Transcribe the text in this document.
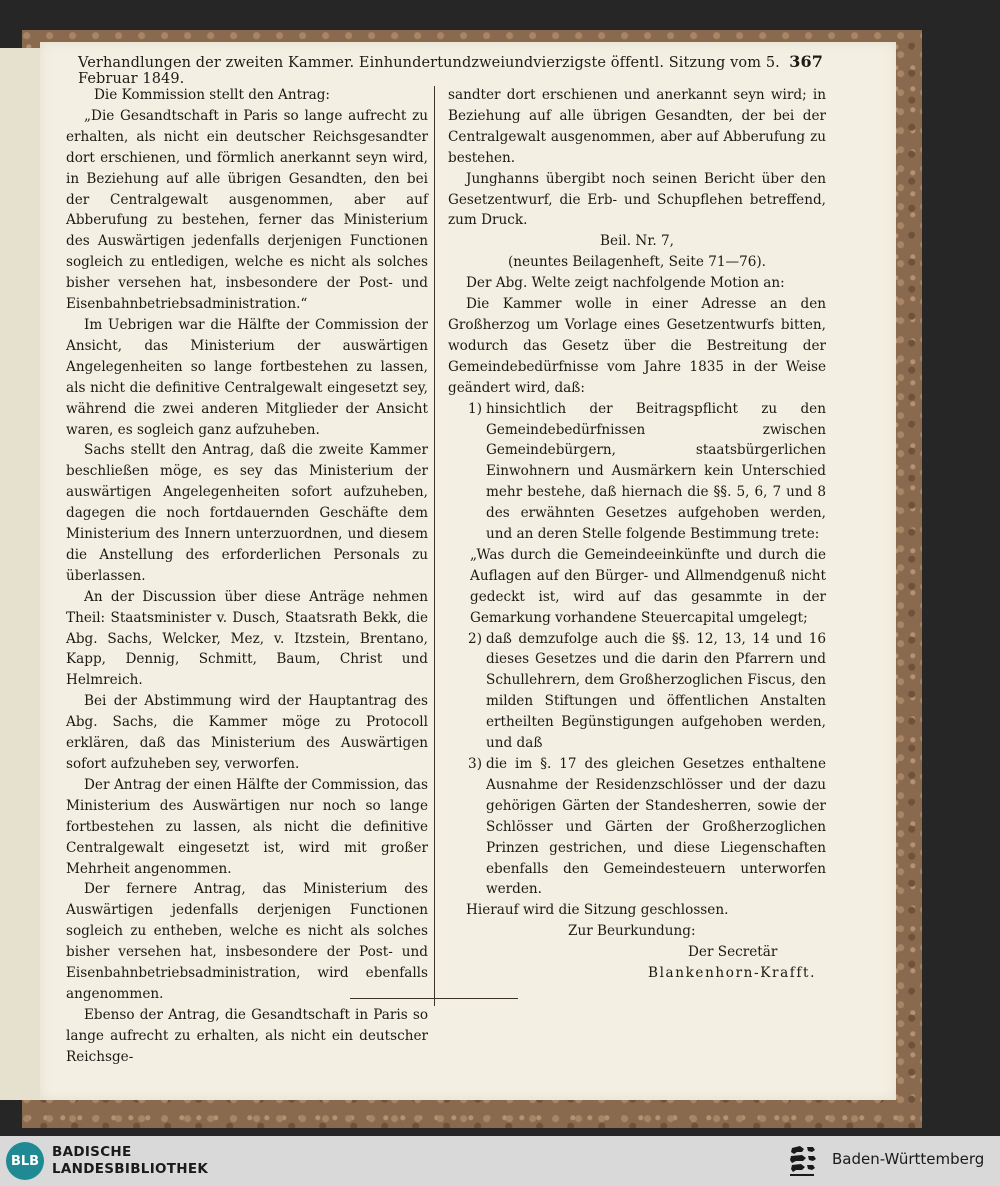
Verhandlungen der zweiten Kammer. Einhundertundzweiundvierzigste öffentl. Sitzung vom 5. Februar 1849.
367

Die Kommission stellt den Antrag:

„Die Gesandtschaft in Paris so lange aufrecht zu erhalten, als nicht ein deutscher Reichsgesandter dort erschienen, und förmlich anerkannt seyn wird, in Beziehung auf alle übrigen Gesandten, den bei der Centralgewalt ausgenommen, aber auf Abberufung zu bestehen, ferner das Ministerium des Auswärtigen jedenfalls derjenigen Functionen sogleich zu entledigen, welche es nicht als solches bisher versehen hat, insbesondere der Post- und Eisenbahnbetriebsadministration.“

Im Uebrigen war die Hälfte der Commission der Ansicht, das Ministerium der auswärtigen Angelegenheiten so lange fortbestehen zu lassen, als nicht die definitive Centralgewalt eingesetzt sey, während die zwei anderen Mitglieder der Ansicht waren, es sogleich ganz aufzuheben.

Sachs stellt den Antrag, daß die zweite Kammer beschließen möge, es sey das Ministerium der auswärtigen Angelegenheiten sofort aufzuheben, dagegen die noch fortdauernden Geschäfte dem Ministerium des Innern unterzuordnen, und diesem die Anstellung des erforderlichen Personals zu überlassen.

An der Discussion über diese Anträge nehmen Theil: Staatsminister v. Dusch, Staatsrath Bekk, die Abg. Sachs, Welcker, Mez, v. Itzstein, Brentano, Kapp, Dennig, Schmitt, Baum, Christ und Helmreich.

Bei der Abstimmung wird der Hauptantrag des Abg. Sachs, die Kammer möge zu Protocoll erklären, daß das Ministerium des Auswärtigen sofort aufzuheben sey, verworfen.

Der Antrag der einen Hälfte der Commission, das Ministerium des Auswärtigen nur noch so lange fortbestehen zu lassen, als nicht die definitive Centralgewalt eingesetzt ist, wird mit großer Mehrheit angenommen.

Der fernere Antrag, das Ministerium des Auswärtigen jedenfalls derjenigen Functionen sogleich zu entheben, welche es nicht als solches bisher versehen hat, insbesondere der Post- und Eisenbahnbetriebsadministration, wird ebenfalls angenommen.

Ebenso der Antrag, die Gesandtschaft in Paris so lange aufrecht zu erhalten, als nicht ein deutscher Reichsge-

sandter dort erschienen und anerkannt seyn wird; in Beziehung auf alle übrigen Gesandten, der bei der Centralgewalt ausgenommen, aber auf Abberufung zu bestehen.

Junghanns übergibt noch seinen Bericht über den Gesetzentwurf, die Erb- und Schupflehen betreffend, zum Druck.

Beil. Nr. 7,

(neuntes Beilagenheft, Seite 71—76).

Der Abg. Welte zeigt nachfolgende Motion an:

Die Kammer wolle in einer Adresse an den Großherzog um Vorlage eines Gesetzentwurfs bitten, wodurch das Gesetz über die Bestreitung der Gemeindebedürfnisse vom Jahre 1835 in der Weise geändert wird, daß:

1) hinsichtlich der Beitragspflicht zu den Gemeindebedürfnissen zwischen Gemeindebürgern, staatsbürgerlichen Einwohnern und Ausmärkern kein Unterschied mehr bestehe, daß hiernach die §§. 5, 6, 7 und 8 des erwähnten Gesetzes aufgehoben werden, und an deren Stelle folgende Bestimmung trete:

„Was durch die Gemeindeeinkünfte und durch die Auflagen auf den Bürger- und Allmendgenuß nicht gedeckt ist, wird auf das gesammte in der Gemarkung vorhandene Steuercapital umgelegt;

2) daß demzufolge auch die §§. 12, 13, 14 und 16 dieses Gesetzes und die darin den Pfarrern und Schullehrern, dem Großherzoglichen Fiscus, den milden Stiftungen und öffentlichen Anstalten ertheilten Begünstigungen aufgehoben werden, und daß
3) die im §. 17 des gleichen Gesetzes enthaltene Ausnahme der Residenzschlösser und der dazu gehörigen Gärten der Standesherren, sowie der Schlösser und Gärten der Großherzoglichen Prinzen gestrichen, und diese Liegenschaften ebenfalls den Gemeindesteuern unterworfen werden.

Hierauf wird die Sitzung geschlossen.

Zur Beurkundung:

Der Secretär

Blankenhorn-Krafft.

BLB
BADISCHE
LANDESBIBLIOTHEK
Baden-Württemberg
